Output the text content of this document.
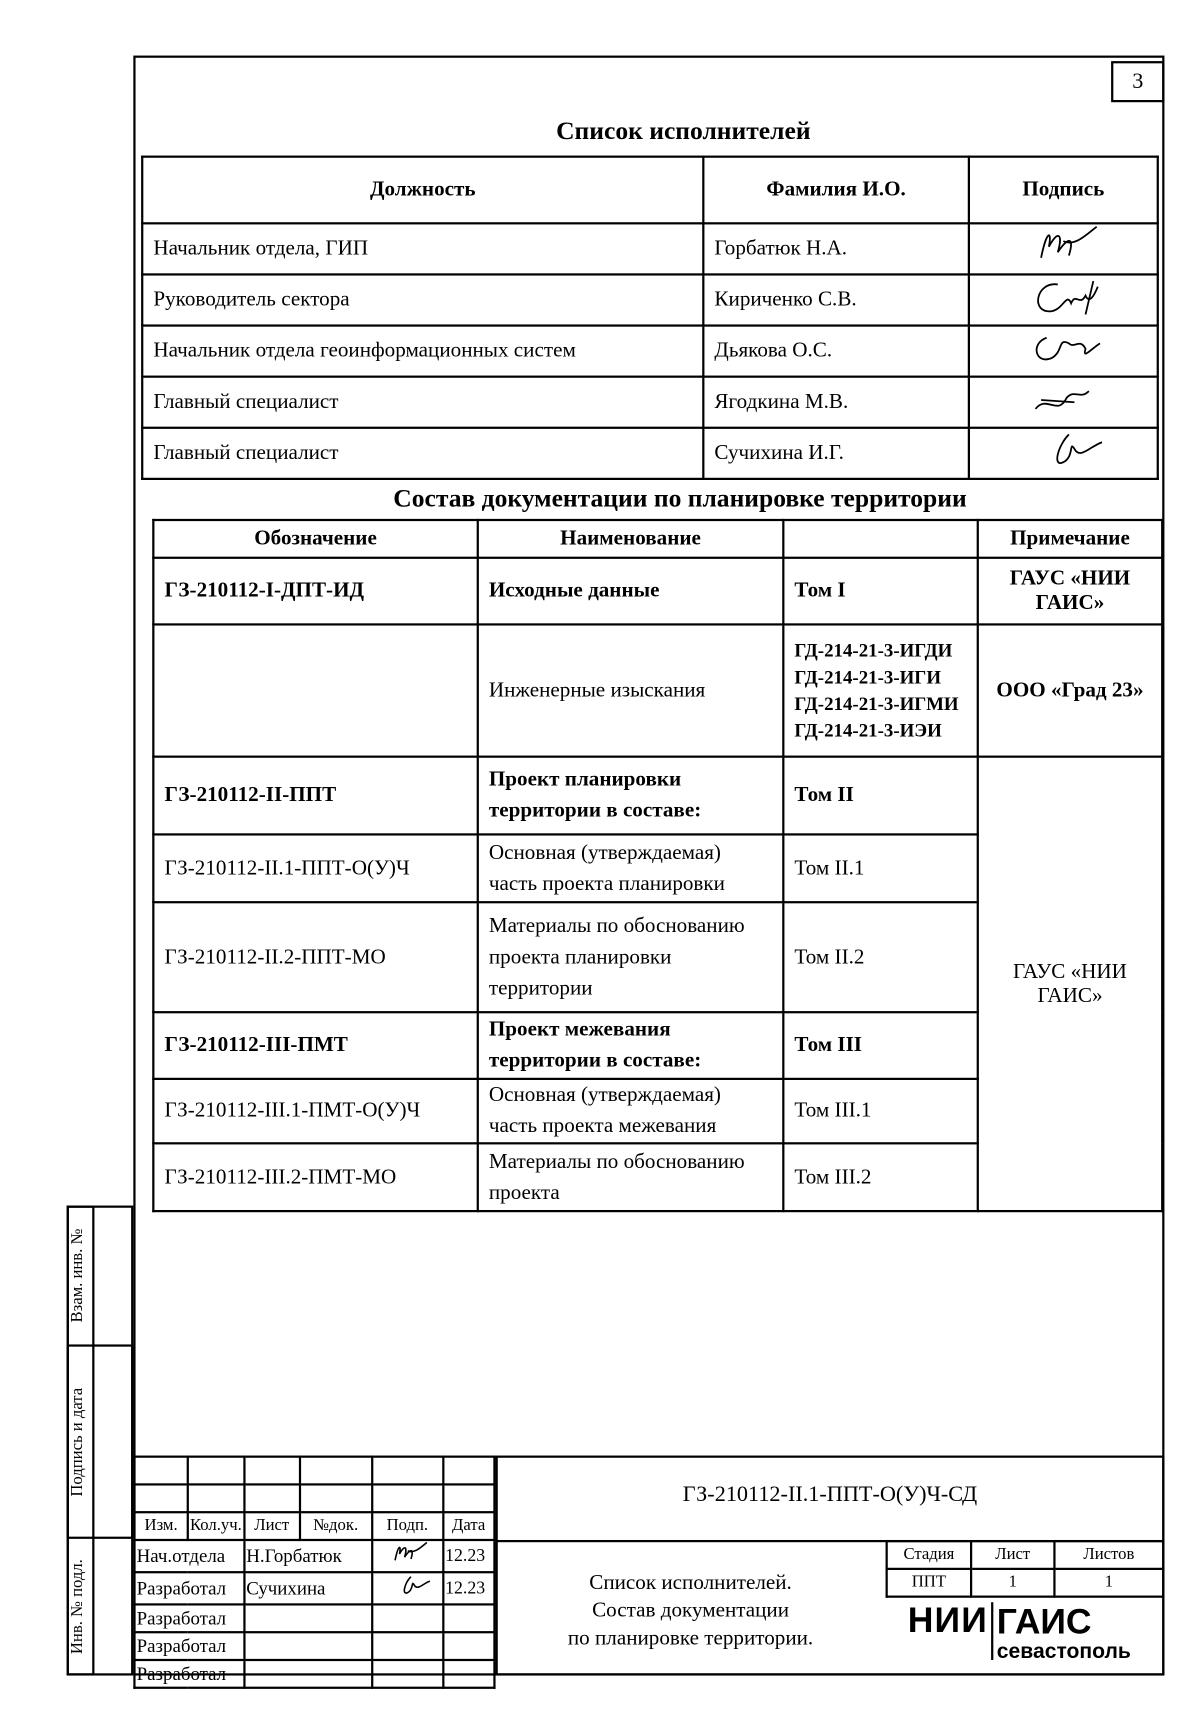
3
Список исполнителей
Должность	Фамилия И.О.	Подпись
Начальник отдела, ГИП	Горбатюк Н.А.	
Руководитель сектора	Кириченко С.В.	
Начальник отдела геоинформационных систем	Дьякова О.С.	
Главный специалист	Ягодкина М.В.	
Главный специалист	Сучихина И.Г.	
Состав документации по планировке территории
Обозначение	Наименование		Примечание
ГЗ-210112-I-ДПТ-ИД	Исходные данные	Том I	ГАУС «НИИ ГАИС»
	Инженерные изыскания	ГД-214-21-3-ИГДИ
ГД-214-21-3-ИГИ
ГД-214-21-3-ИГМИ
ГД-214-21-3-ИЭИ	ООО «Град 23»
ГЗ-210112-II-ППТ	Проект планировки территории в составе:	Том II	ГАУС «НИИ ГАИС»
ГЗ-210112-II.1-ППТ-О(У)Ч	Основная (утверждаемая) часть проекта планировки	Том II.1	
ГЗ-210112-II.2-ППТ-МО	Материалы по обоснованию проекта планировки территории	Том II.2	
ГЗ-210112-III-ПМТ	Проект межевания территории в составе:	Том III	
ГЗ-210112-III.1-ПМТ-О(У)Ч	Основная (утверждаемая) часть проекта межевания	Том III.1	
ГЗ-210112-III.2-ПМТ-МО	Материалы по обоснованию проекта	Том III.2	
Взам. инв. №
Подпись и дата
Инв. № подл.

Изм.	Кол.уч.	Лист	№док.	Подп.	Дата
Нач.отдела		Н.Горбатюк			12.23
Разработал		Сучихина			12.23
Разработал					
Разработал					
Разработал					
ГЗ-210112-II.1-ППТ-О(У)Ч-СД
Список исполнителей.
Состав документации
по планировке территории.
Стадия	Лист	Листов
ППТ	1	1
НИИ ГАИС
севастополь
